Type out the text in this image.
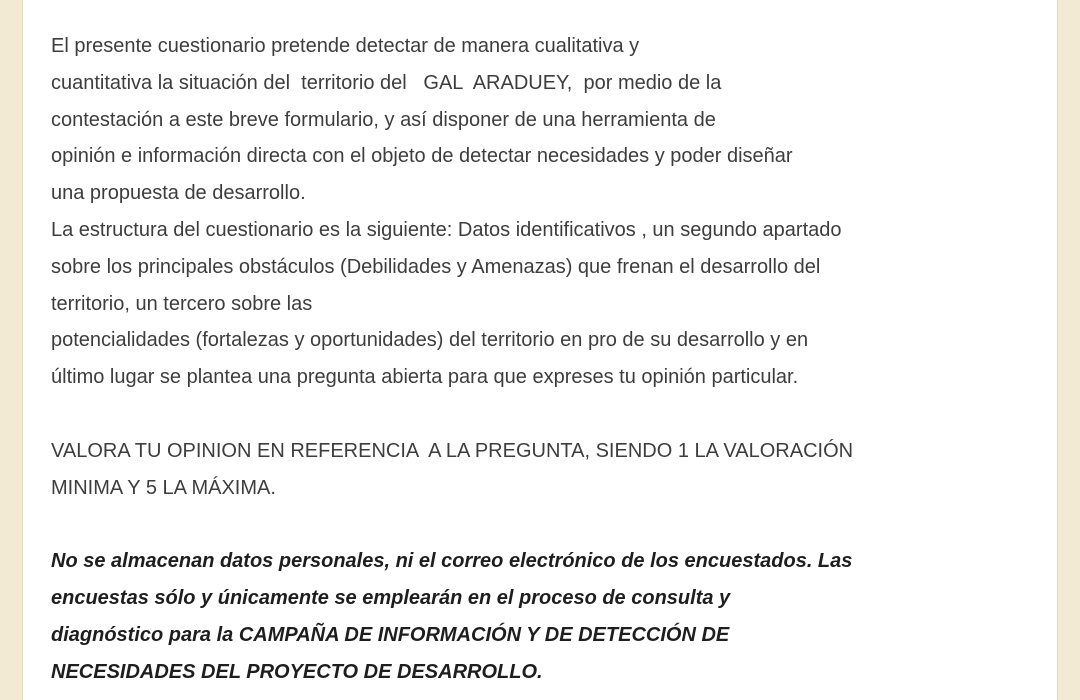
El presente cuestionario pretende detectar de manera cualitativa y
cuantitativa la situación del  territorio del   GAL  ARADUEY,  por medio de la
contestación a este breve formulario, y así disponer de una herramienta de
opinión e información directa con el objeto de detectar necesidades y poder diseñar
una propuesta de desarrollo.
La estructura del cuestionario es la siguiente: Datos identificativos , un segundo apartado
sobre los principales obstáculos (Debilidades y Amenazas) que frenan el desarrollo del
territorio, un tercero sobre las
potencialidades (fortalezas y oportunidades) del territorio en pro de su desarrollo y en
último lugar se plantea una pregunta abierta para que expreses tu opinión particular.
VALORA TU OPINION EN REFERENCIA  A LA PREGUNTA, SIENDO 1 LA VALORACIÓN
MINIMA Y 5 LA MÁXIMA.
No se almacenan datos personales, ni el correo electrónico de los encuestados. Las
encuestas sólo y únicamente se emplearán en el proceso de consulta y
diagnóstico para la CAMPAÑA DE INFORMACIÓN Y DE DETECCIÓN DE
NECESIDADES DEL PROYECTO DE DESARROLLO.
